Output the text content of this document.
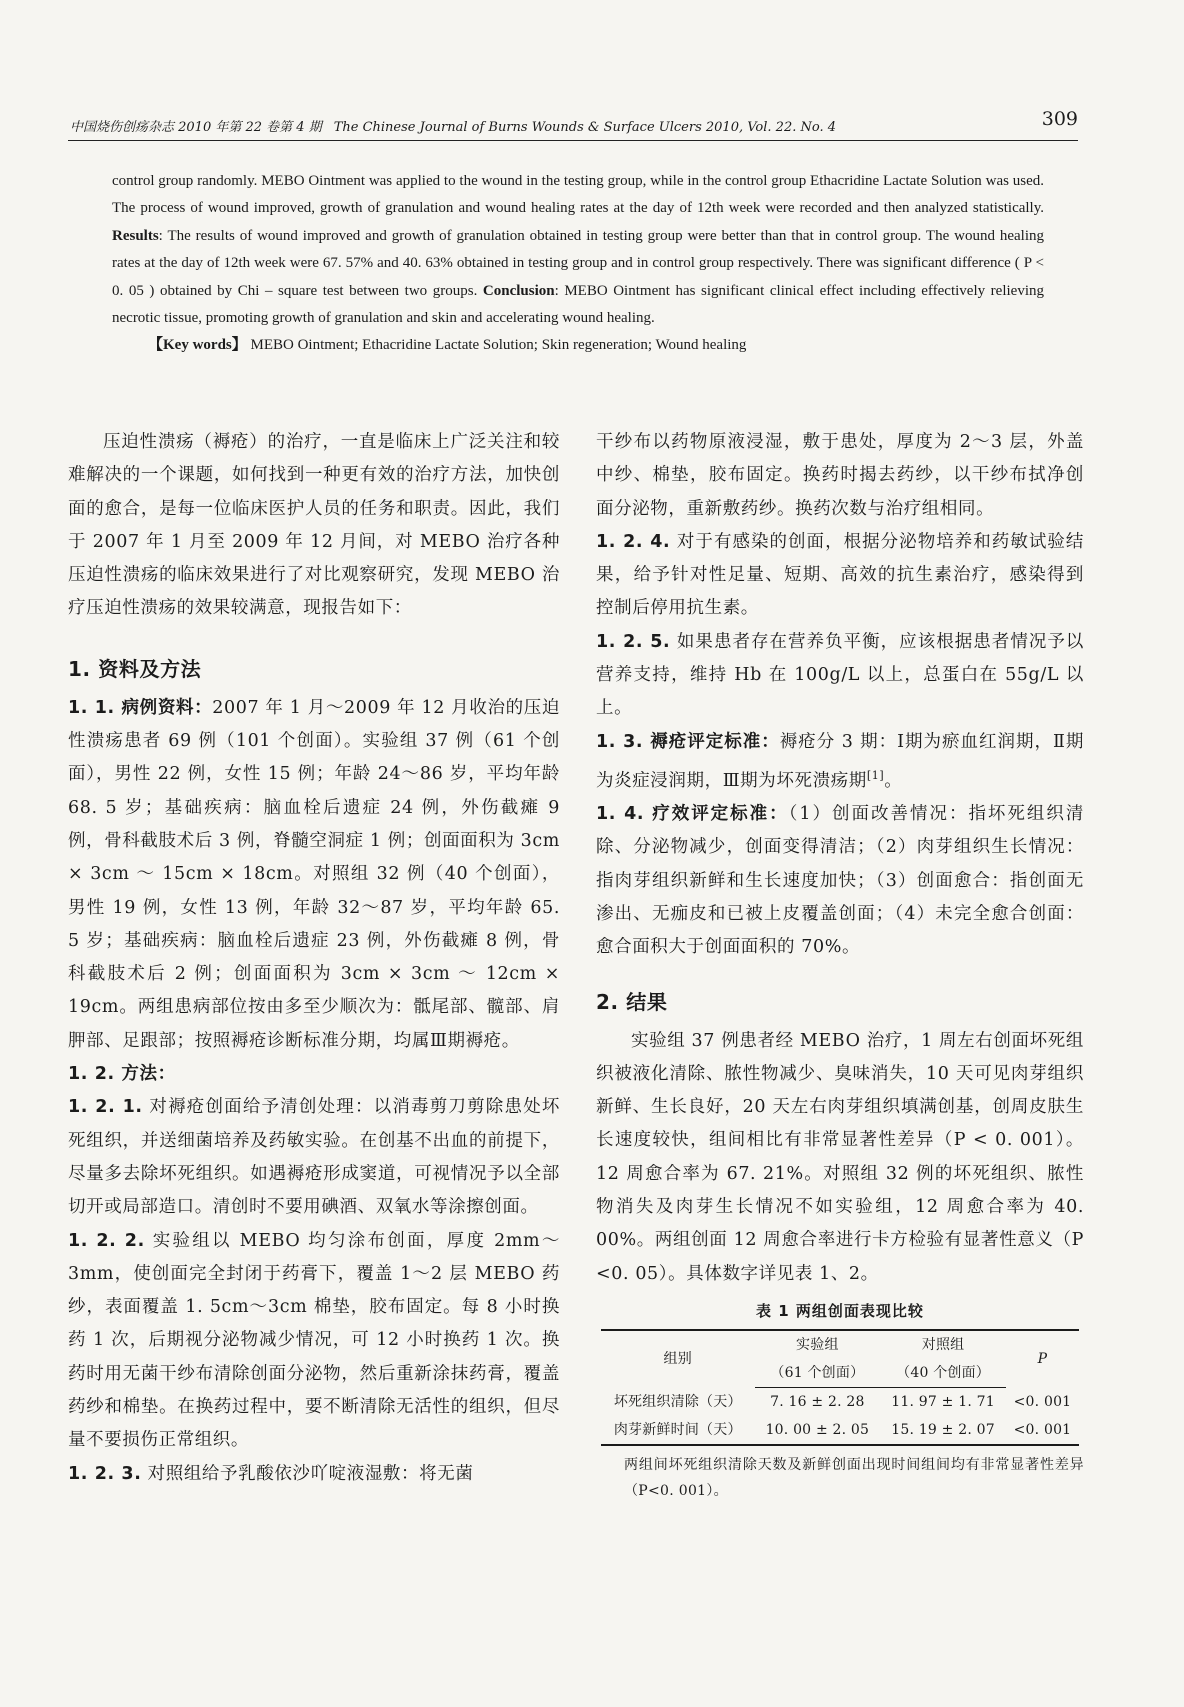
中国烧伤创疡杂志 2010 年第 22 卷第 4 期 The Chinese Journal of Burns Wounds & Surface Ulcers 2010, Vol. 22. No. 4	309
control group randomly. MEBO Ointment was applied to the wound in the testing group, while in the control group Ethacridine Lactate Solution was used. The process of wound improved, growth of granulation and wound healing rates at the day of 12th week were recorded and then analyzed statistically. Results: The results of wound improved and growth of granulation obtained in testing group were better than that in control group. The wound healing rates at the day of 12th week were 67. 57% and 40. 63% obtained in testing group and in control group respectively. There was significant difference ( P < 0. 05 ) obtained by Chi – square test between two groups. Conclusion: MEBO Ointment has significant clinical effect including effectively relieving necrotic tissue, promoting growth of granulation and skin and accelerating wound healing.
【Key words】 MEBO Ointment; Ethacridine Lactate Solution; Skin regeneration; Wound healing

压迫性溃疡（褥疮）的治疗，一直是临床上广泛关注和较难解决的一个课题，如何找到一种更有效的治疗方法，加快创面的愈合，是每一位临床医护人员的任务和职责。因此，我们于 2007 年 1 月至 2009 年 12 月间，对 MEBO 治疗各种压迫性溃疡的临床效果进行了对比观察研究，发现 MEBO 治疗压迫性溃疡的效果较满意，现报告如下：

1. 资料及方法

1. 1. 病例资料：2007 年 1 月～2009 年 12 月收治的压迫性溃疡患者 69 例（101 个创面）。实验组 37 例（61 个创面），男性 22 例，女性 15 例；年龄 24～86 岁，平均年龄 68. 5 岁；基础疾病：脑血栓后遗症 24 例，外伤截瘫 9 例，骨科截肢术后 3 例，脊髓空洞症 1 例；创面面积为 3cm × 3cm ～ 15cm × 18cm。对照组 32 例（40 个创面），男性 19 例，女性 13 例，年龄 32～87 岁，平均年龄 65. 5 岁；基础疾病：脑血栓后遗症 23 例，外伤截瘫 8 例，骨科截肢术后 2 例；创面面积为 3cm × 3cm ～ 12cm × 19cm。两组患病部位按由多至少顺次为：骶尾部、髋部、肩胛部、足跟部；按照褥疮诊断标准分期，均属Ⅲ期褥疮。

1. 2. 方法：

1. 2. 1. 对褥疮创面给予清创处理：以消毒剪刀剪除患处坏死组织，并送细菌培养及药敏实验。在创基不出血的前提下，尽量多去除坏死组织。如遇褥疮形成窦道，可视情况予以全部切开或局部造口。清创时不要用碘酒、双氧水等涂擦创面。

1. 2. 2. 实验组以 MEBO 均匀涂布创面，厚度 2mm～3mm，使创面完全封闭于药膏下，覆盖 1～2 层 MEBO 药纱，表面覆盖 1. 5cm～3cm 棉垫，胶布固定。每 8 小时换药 1 次，后期视分泌物减少情况，可 12 小时换药 1 次。换药时用无菌干纱布清除创面分泌物，然后重新涂抹药膏，覆盖药纱和棉垫。在换药过程中，要不断清除无活性的组织，但尽量不要损伤正常组织。

1. 2. 3. 对照组给予乳酸依沙吖啶液湿敷：将无菌

干纱布以药物原液浸湿，敷于患处，厚度为 2～3 层，外盖中纱、棉垫，胶布固定。换药时揭去药纱，以干纱布拭净创面分泌物，重新敷药纱。换药次数与治疗组相同。

1. 2. 4. 对于有感染的创面，根据分泌物培养和药敏试验结果，给予针对性足量、短期、高效的抗生素治疗，感染得到控制后停用抗生素。

1. 2. 5. 如果患者存在营养负平衡，应该根据患者情况予以营养支持，维持 Hb 在 100g/L 以上，总蛋白在 55g/L 以上。

1. 3. 褥疮评定标准：褥疮分 3 期：Ⅰ期为瘀血红润期，Ⅱ期为炎症浸润期，Ⅲ期为坏死溃疡期[1]。

1. 4. 疗效评定标准：（1）创面改善情况：指坏死组织清除、分泌物减少，创面变得清洁；（2）肉芽组织生长情况：指肉芽组织新鲜和生长速度加快；（3）创面愈合：指创面无渗出、无痂皮和已被上皮覆盖创面；（4）未完全愈合创面：愈合面积大于创面面积的 70%。

2. 结果

实验组 37 例患者经 MEBO 治疗，1 周左右创面坏死组织被液化清除、脓性物减少、臭味消失，10 天可见肉芽组织新鲜、生长良好，20 天左右肉芽组织填满创基，创周皮肤生长速度较快，组间相比有非常显著性差异（P < 0. 001）。12 周愈合率为 67. 21%。对照组 32 例的坏死组织、脓性物消失及肉芽生长情况不如实验组，12 周愈合率为 40. 00%。两组创面 12 周愈合率进行卡方检验有显著性意义（P <0. 05）。具体数字详见表 1、2。

表 1 两组创面表现比较
组别	实验组	对照组	P
	（61 个创面）	（40 个创面）	
坏死组织清除（天）	7. 16 ± 2. 28	11. 97 ± 1. 71	<0. 001
肉芽新鲜时间（天）	10. 00 ± 2. 05	15. 19 ± 2. 07	<0. 001
两组间坏死组织清除天数及新鲜创面出现时间组间均有非常显著性差异（P<0. 001）。
